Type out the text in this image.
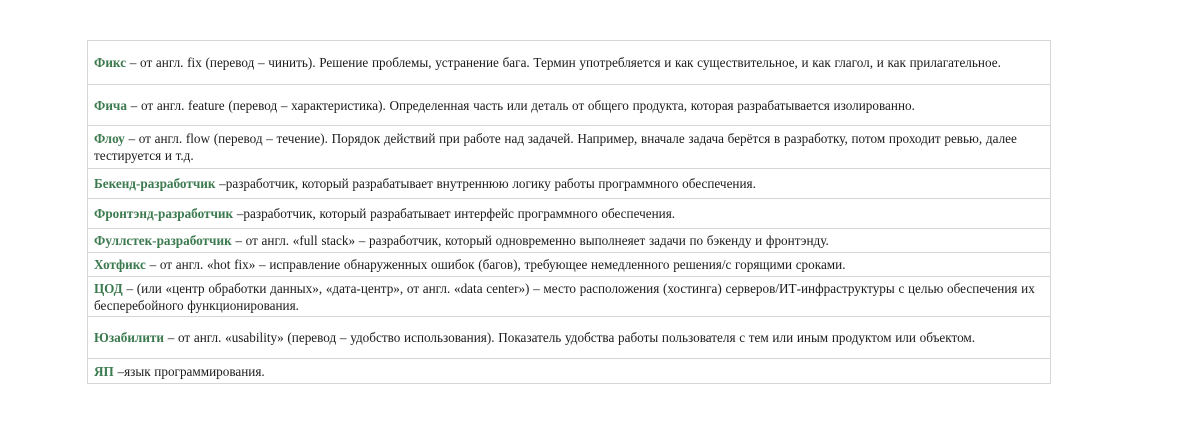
Фикс – от англ. fix (перевод – чинить). Решение проблемы, устранение бага. Термин употребляется и как существительное, и как глагол, и как прилагательное.
Фича – от англ. feature (перевод – характеристика). Определенная часть или деталь от общего продукта, которая разрабатывается изолированно.
Флоу – от англ. flow (перевод – течение). Порядок действий при работе над задачей. Например, вначале задача берётся в разработку, потом проходит ревью, далее тестируется и т.д.
Бекенд-разработчик –разработчик, который разрабатывает внутреннюю логику работы программного обеспечения.
Фронтэнд-разработчик –разработчик, который разрабатывает интерфейс программного обеспечения.
Фуллстек-разработчик – от англ. «full stack» – разработчик, который одновременно выполнеяет задачи по бэкенду и фронтэнду.
Хотфикс – от англ. «hot fix» – исправление обнаруженных ошибок (багов), требующее немедленного решения/с горящими сроками.
ЦОД – (или «центр обработки данных», «дата-центр», от англ. «data center») – место расположения (хостинга) серверов/ИТ-инфраструктуры с целью обеспечения их бесперебойного функционирования.
Юзабилити – от англ. «usability» (перевод – удобство использования). Показатель удобства работы пользователя с тем или иным продуктом или объектом.
ЯП –язык программирования.
